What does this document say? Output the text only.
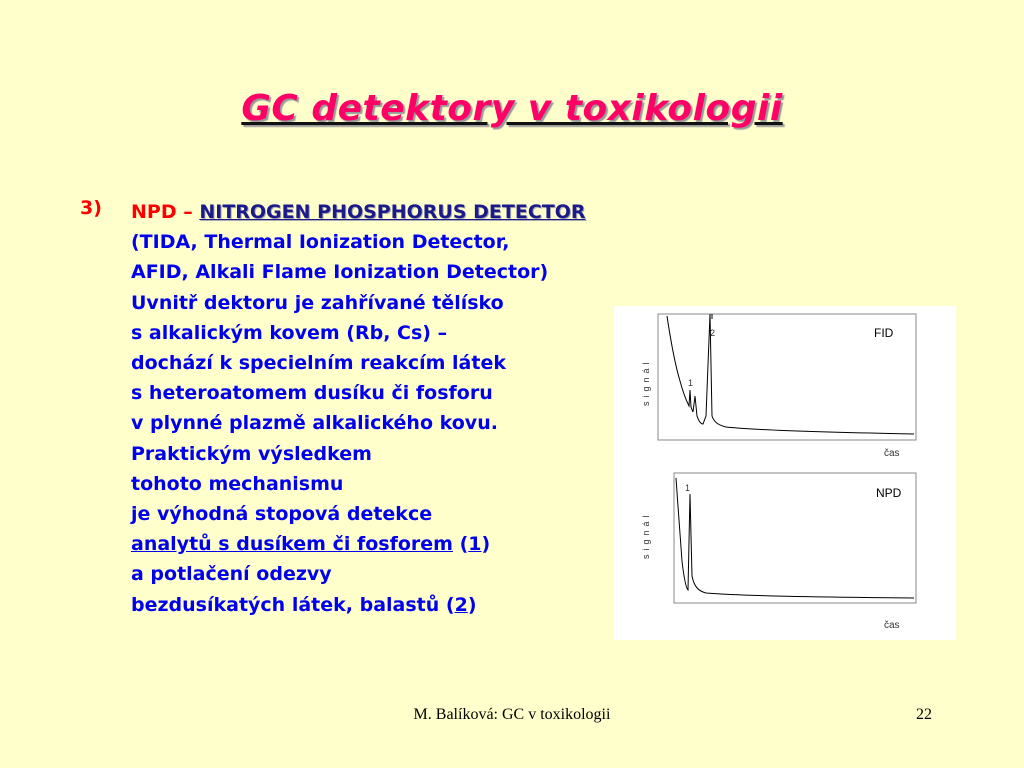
GC detektory v toxikologii
3) NPD – NITROGEN PHOSPHORUS DETECTOR
(TIDA, Thermal Ionization Detector,
AFID, Alkali Flame Ionization Detector)
Uvnitř dektoru je zahřívané tělísko
s alkalickým kovem (Rb, Cs) –
dochází k specielním reakcím látek
s heteroatomem dusíku či fosforu
v plynné plazmě alkalického kovu.
Praktickým výsledkem
tohoto mechanismu
je výhodná stopová detekce
analytů s dusíkem či fosforem (1)
a potlačení odezvy
bezdusíkatých látek, balastů (2)
FID
signál
čas
2
1
NPD
signál
čas
1
M. Balíková: GC v toxikologii	22
